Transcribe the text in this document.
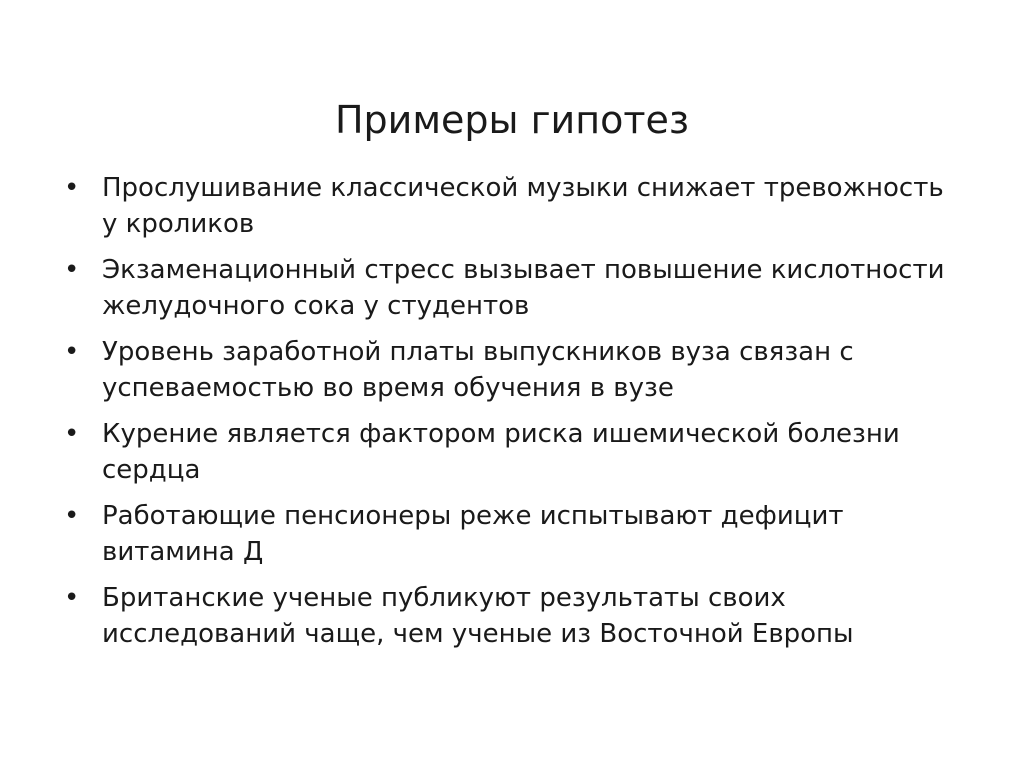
Примеры гипотез
• Прослушивание классической музыки снижает тревожность у кроликов
• Экзаменационный стресс вызывает повышение кислотности желудочного сока у студентов
• Уровень заработной платы выпускников вуза связан с успеваемостью во время обучения в вузе
• Курение является фактором риска ишемической болезни сердца
• Работающие пенсионеры реже испытывают дефицит витамина Д
• Британские ученые публикуют результаты своих исследований чаще, чем ученые из Восточной Европы
